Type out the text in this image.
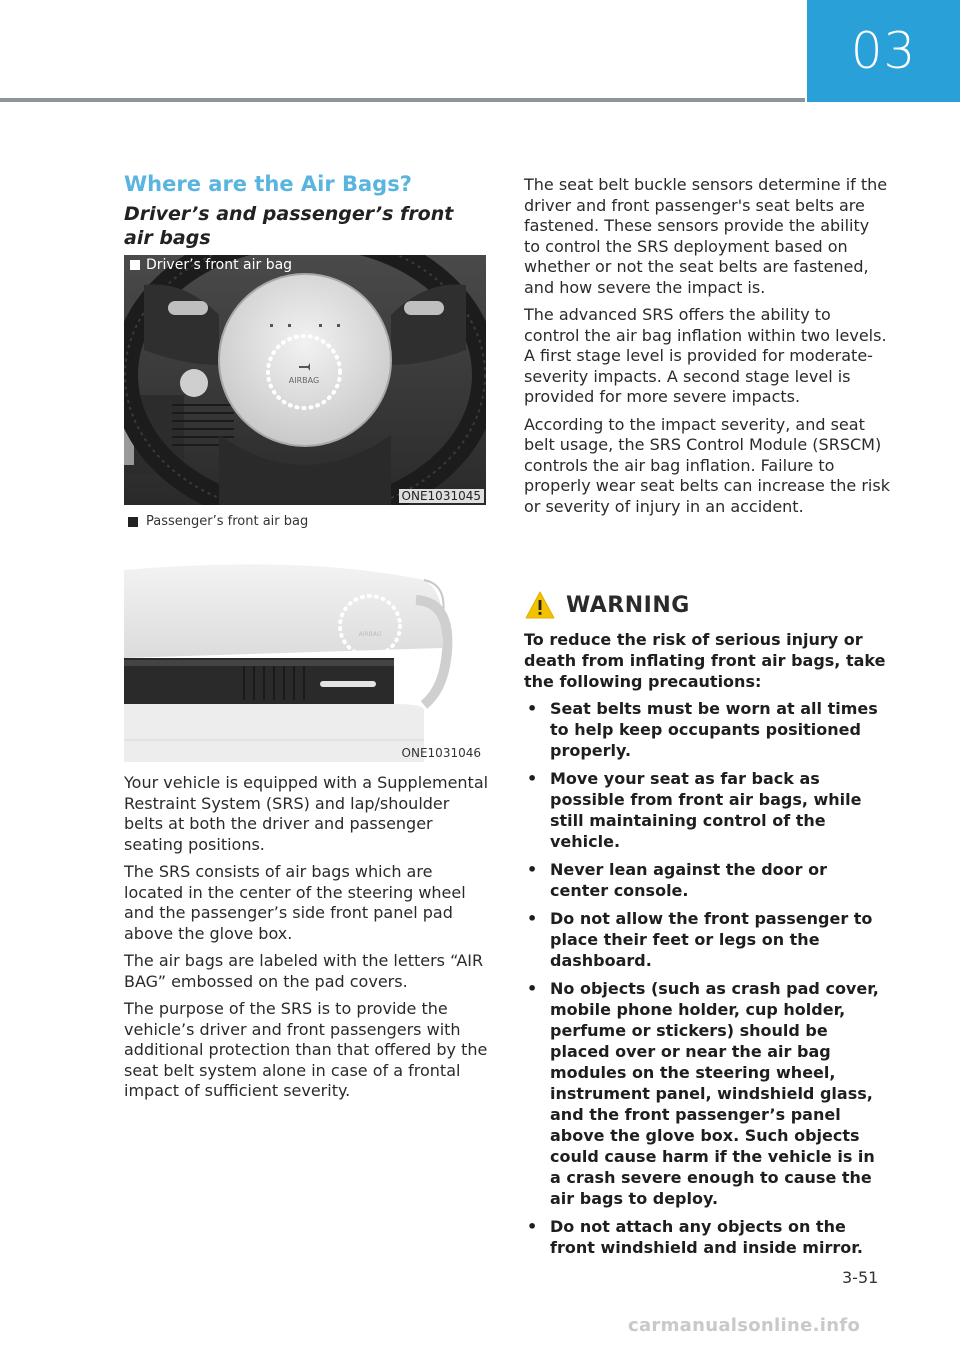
03
Where are the Air Bags?
Driver’s and passenger’s front air bags
AIRBAG
Driver’s front air bag
ONE1031045
Passenger’s front air bag
AIRBAG
ONE1031046

Your vehicle is equipped with a Supplemental Restraint System (SRS) and lap/shoulder belts at both the driver and passenger seating positions.

The SRS consists of air bags which are located in the center of the steering wheel and the passenger’s side front panel pad above the glove box.

The air bags are labeled with the letters “AIR BAG” embossed on the pad covers.

The purpose of the SRS is to provide the vehicle’s driver and front passengers with additional protection than that offered by the seat belt system alone in case of a frontal impact of sufficient severity.

The seat belt buckle sensors determine if the driver and front passenger's seat belts are fastened. These sensors provide the ability to control the SRS deployment based on whether or not the seat belts are fastened, and how severe the impact is.

The advanced SRS offers the ability to control the air bag inflation within two levels. A first stage level is provided for moderate-severity impacts. A second stage level is provided for more severe impacts.

According to the impact severity, and seat belt usage, the SRS Control Module (SRSCM) controls the air bag inflation. Failure to properly wear seat belts can increase the risk or severity of injury in an accident.

WARNING
To reduce the risk of serious injury or death from inflating front air bags, take the following precautions:
• Seat belts must be worn at all times to help keep occupants positioned properly.
• Move your seat as far back as possible from front air bags, while still maintaining control of the vehicle.
• Never lean against the door or center console.
• Do not allow the front passenger to place their feet or legs on the dashboard.
• No objects (such as crash pad cover, mobile phone holder, cup holder, perfume or stickers) should be placed over or near the air bag modules on the steering wheel, instrument panel, windshield glass, and the front passenger’s panel above the glove box. Such objects could cause harm if the vehicle is in a crash severe enough to cause the air bags to deploy.
• Do not attach any objects on the front windshield and inside mirror.
3-51
carmanualsonline.info
